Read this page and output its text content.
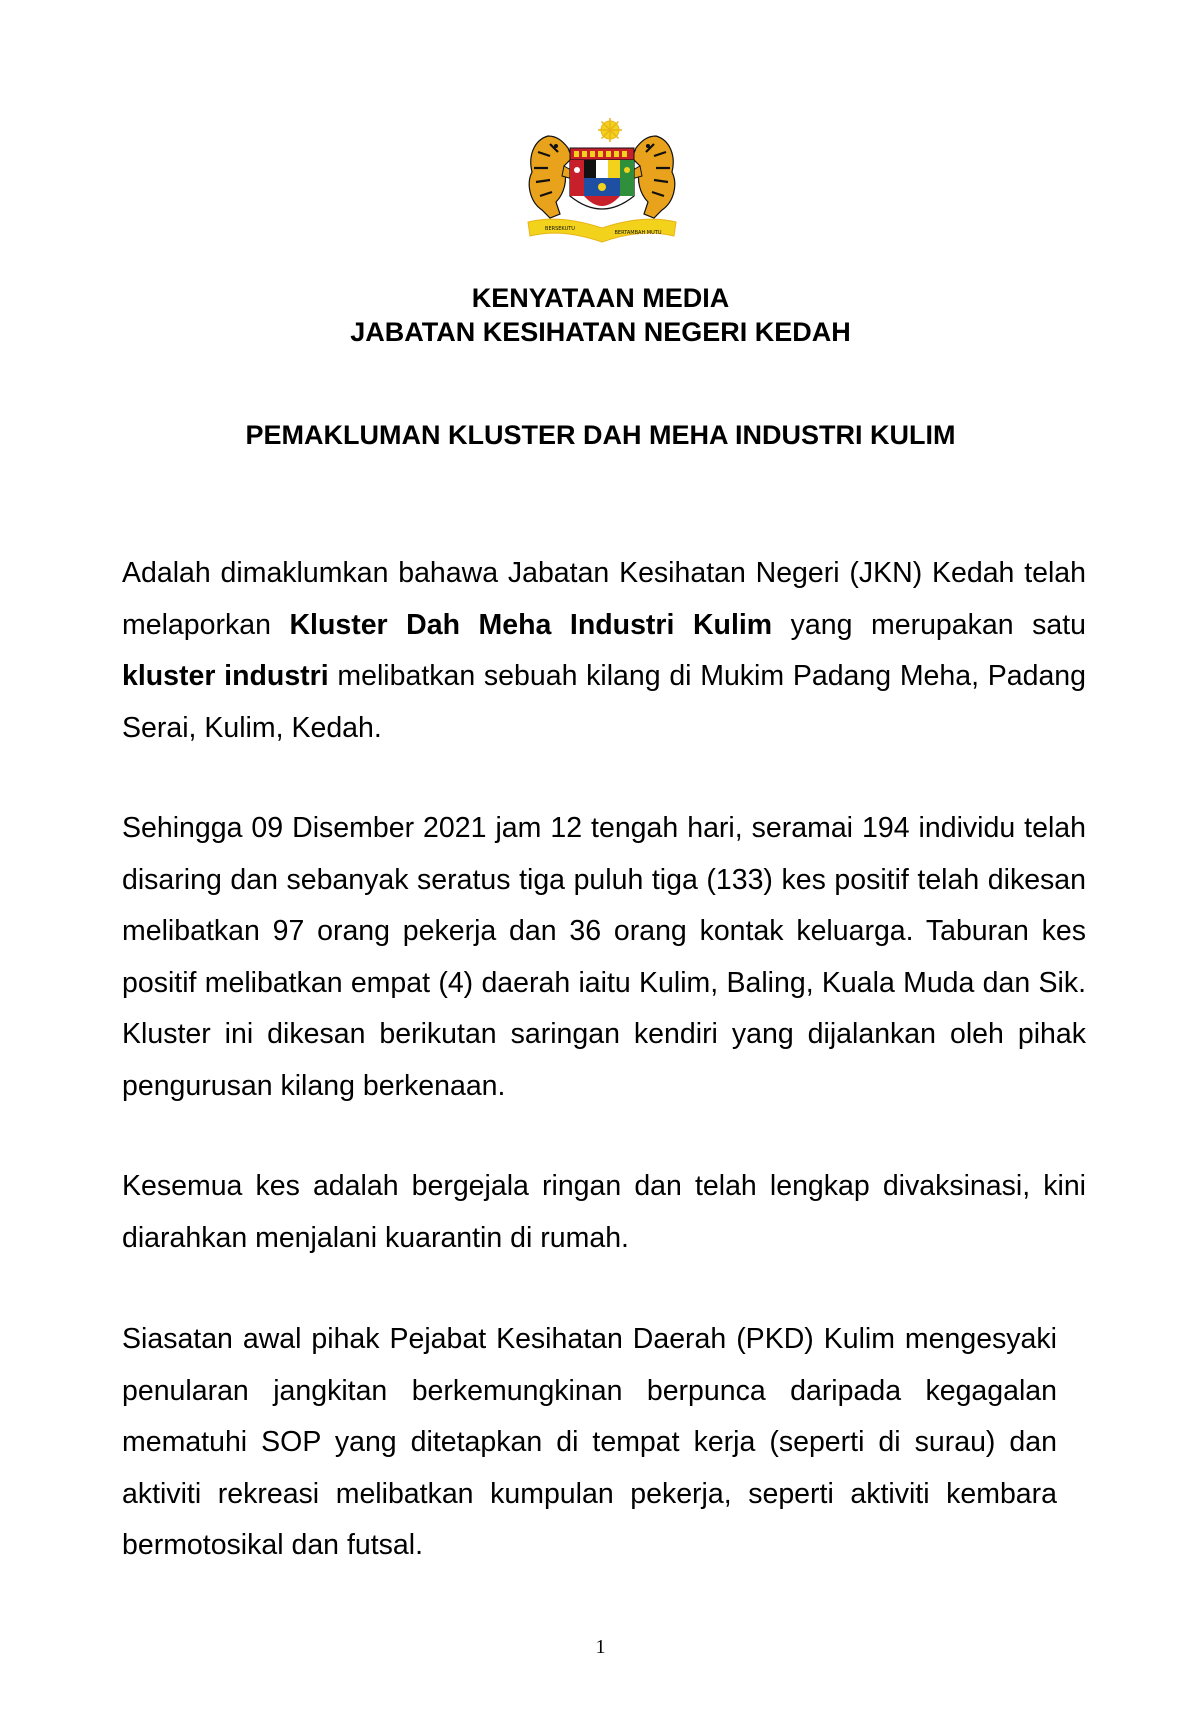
BERSEKUTU
BERTAMBAH MUTU

KENYATAAN MEDIA

JABATAN KESIHATAN NEGERI KEDAH

PEMAKLUMAN KLUSTER DAH MEHA INDUSTRI KULIM

Adalah dimaklumkan bahawa Jabatan Kesihatan Negeri (JKN) Kedah telah melaporkan Kluster Dah Meha Industri Kulim yang merupakan satu kluster industri melibatkan sebuah kilang di Mukim Padang Meha, Padang Serai, Kulim, Kedah.

Sehingga 09 Disember 2021 jam 12 tengah hari, seramai 194 individu telah disaring dan sebanyak seratus tiga puluh tiga (133) kes positif telah dikesan melibatkan 97 orang pekerja dan 36 orang kontak keluarga. Taburan kes positif melibatkan empat (4) daerah iaitu Kulim, Baling, Kuala Muda dan Sik. Kluster ini dikesan berikutan saringan kendiri yang dijalankan oleh pihak pengurusan kilang berkenaan.

Kesemua kes adalah bergejala ringan dan telah lengkap divaksinasi, kini diarahkan menjalani kuarantin di rumah.

Siasatan awal pihak Pejabat Kesihatan Daerah (PKD) Kulim mengesyaki penularan jangkitan berkemungkinan berpunca daripada kegagalan mematuhi SOP yang ditetapkan di tempat kerja (seperti di surau) dan aktiviti rekreasi melibatkan kumpulan pekerja, seperti aktiviti kembara bermotosikal dan futsal.

1
